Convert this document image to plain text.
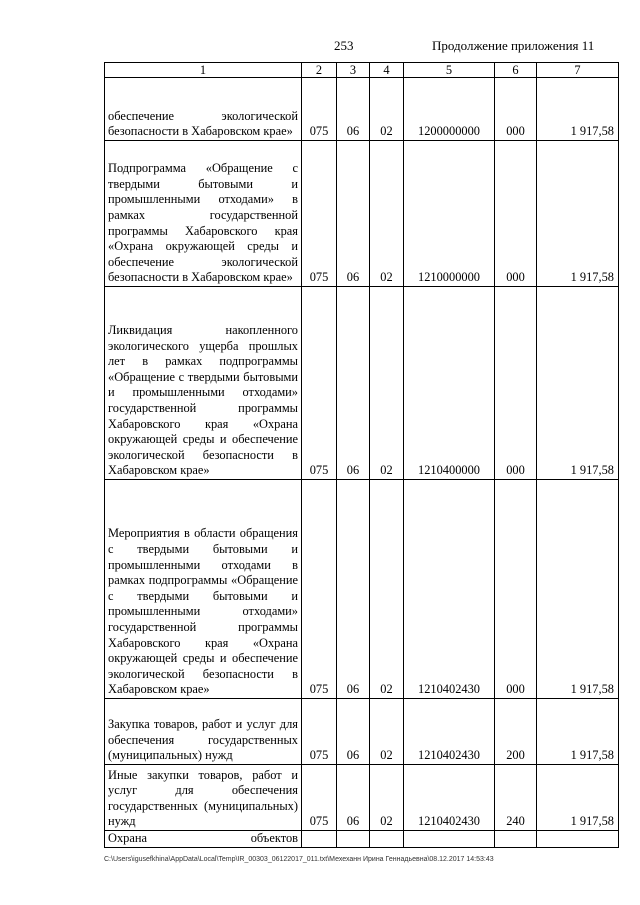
253	Продолжение приложения 11
1	2	3	4	5	6	7
обеспечение экологической безопасности в Хабаровском крае»	075	06	02	1200000000	000	1 917,58
Подпрограмма «Обращение с твердыми бытовыми и промышленными отходами» в рамках государственной программы Хабаровского края «Охрана окружающей среды и обеспечение экологической безопасности в Хабаровском крае»	075	06	02	1210000000	000	1 917,58
Ликвидация накопленного экологического ущерба прошлых лет в рамках подпрограммы «Обращение с твердыми бытовыми и промышленными отходами» государственной программы Хабаровского края «Охрана окружающей среды и обеспечение экологической безопасности в Хабаровском крае»	075	06	02	1210400000	000	1 917,58
Мероприятия в области обращения с твердыми бытовыми и промышленными отходами в рамках подпрограммы «Обращение с твердыми бытовыми и промышленными отходами» государственной программы Хабаровского края «Охрана окружающей среды и обеспечение экологической безопасности в Хабаровском крае»	075	06	02	1210402430	000	1 917,58
Закупка товаров, работ и услуг для обеспечения государственных (муниципальных) нужд	075	06	02	1210402430	200	1 917,58
Иные закупки товаров, работ и услуг для обеспечения государственных (муниципальных) нужд	075	06	02	1210402430	240	1 917,58
Охрана объектов						
C:\Users\igusefkhina\AppData\Local\Temp\IR_00303_06122017_011.txt\Мехеханн Ирина Геннадьевна\08.12.2017 14:53:43
